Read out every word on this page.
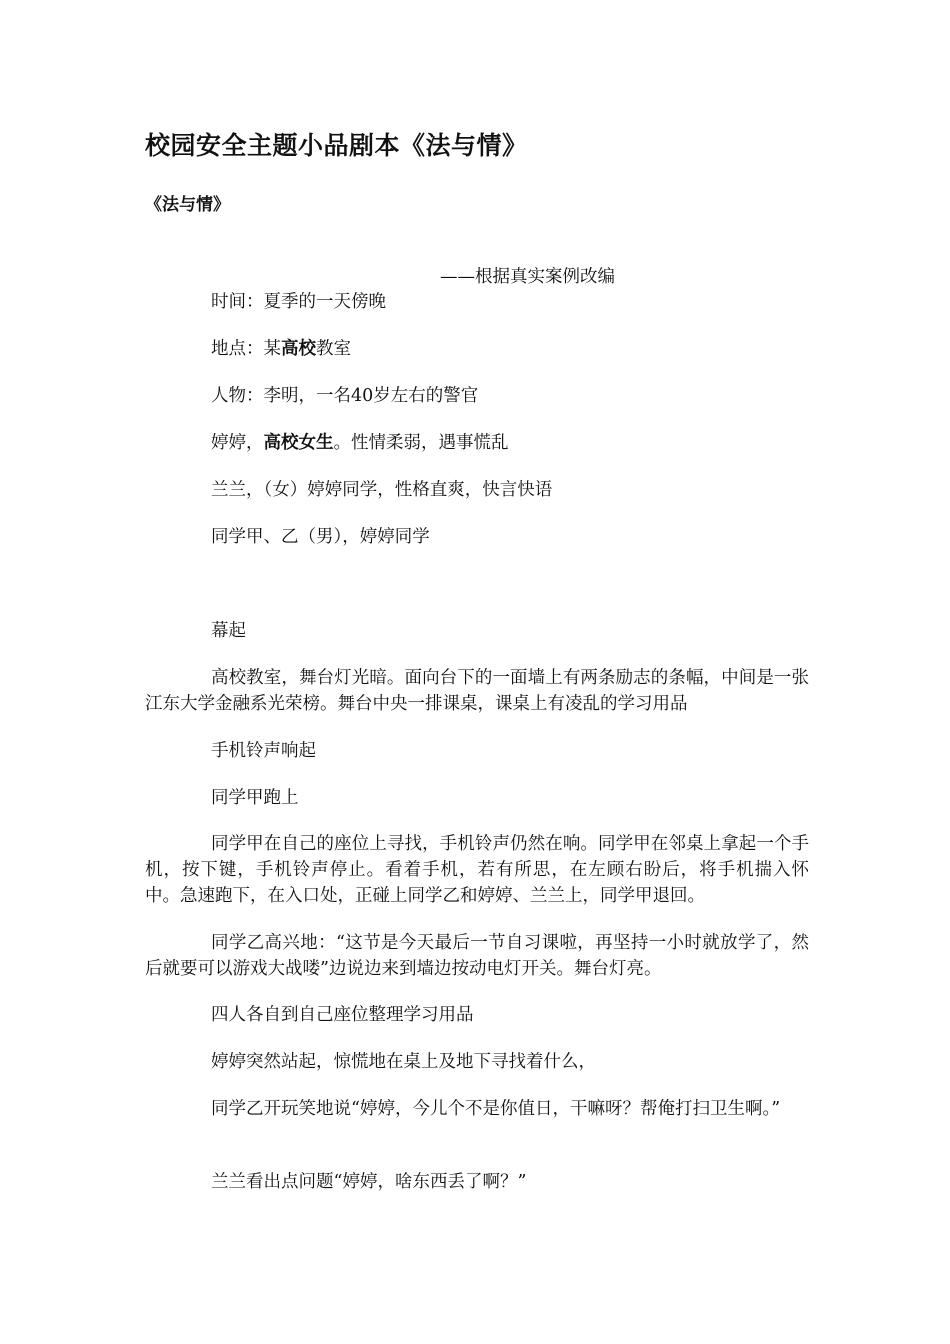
校园安全主题小品剧本《法与情》
《法与情》
——根据真实案例改编
时间：夏季的一天傍晚
地点：某高校教室
人物：李明，一名40岁左右的警官
婷婷，高校女生。性情柔弱，遇事慌乱
兰兰，（女）婷婷同学，性格直爽，快言快语
同学甲、乙（男），婷婷同学
幕起
高校教室，舞台灯光暗。面向台下的一面墙上有两条励志的条幅，中间是一张江东大学金融系光荣榜。舞台中央一排课桌，课桌上有凌乱的学习用品
手机铃声响起
同学甲跑上
同学甲在自己的座位上寻找，手机铃声仍然在响。同学甲在邻桌上拿起一个手机，按下键，手机铃声停止。看着手机，若有所思，在左顾右盼后，将手机揣入怀中。急速跑下，在入口处，正碰上同学乙和婷婷、兰兰上，同学甲退回。
同学乙高兴地：“这节是今天最后一节自习课啦，再坚持一小时就放学了，然后就要可以游戏大战喽”边说边来到墙边按动电灯开关。舞台灯亮。
四人各自到自己座位整理学习用品
婷婷突然站起，惊慌地在桌上及地下寻找着什么，
同学乙开玩笑地说“婷婷，今儿个不是你值日，干嘛呀？帮俺打扫卫生啊。”
兰兰看出点问题“婷婷，啥东西丢了啊？”
